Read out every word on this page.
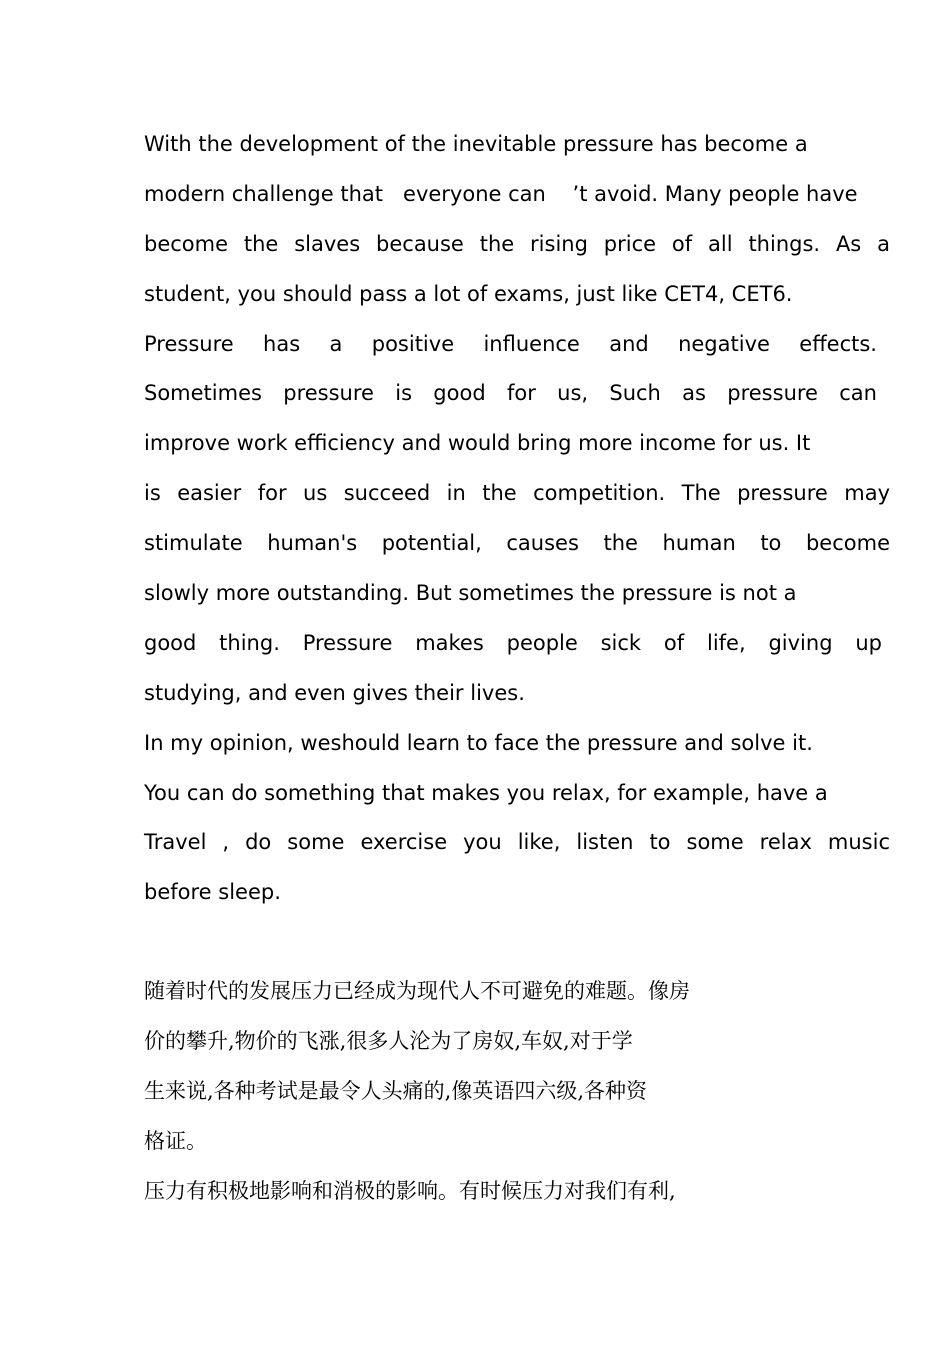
With the development of the inevitable pressure has become a
modern challenge that   everyone can    ’t avoid. Many people have
become the slaves because the rising price of all things. As a
student, you should pass a lot of exams, just like CET4, CET6.
Pressure has a positive influence and negative effects.
Sometimes pressure is good for us, Such as pressure can
improve work efficiency and would bring more income for us. It
is easier for us succeed in the competition. The pressure may
stimulate human's potential, causes the human to become
slowly more outstanding. But sometimes the pressure is not a
good thing. Pressure makes people sick of life, giving up
studying, and even gives their lives.
In my opinion, weshould learn to face the pressure and solve it.
You can do something that makes you relax, for example, have a
Travel , do some exercise you like, listen to some relax music
before sleep.
随着时代的发展压力已经成为现代人不可避免的难题。像房
价的攀升,物价的飞涨,很多人沦为了房奴,车奴,对于学
生来说,各种考试是最令人头痛的,像英语四六级,各种资
格证。
压力有积极地影响和消极的影响。有时候压力对我们有利,
